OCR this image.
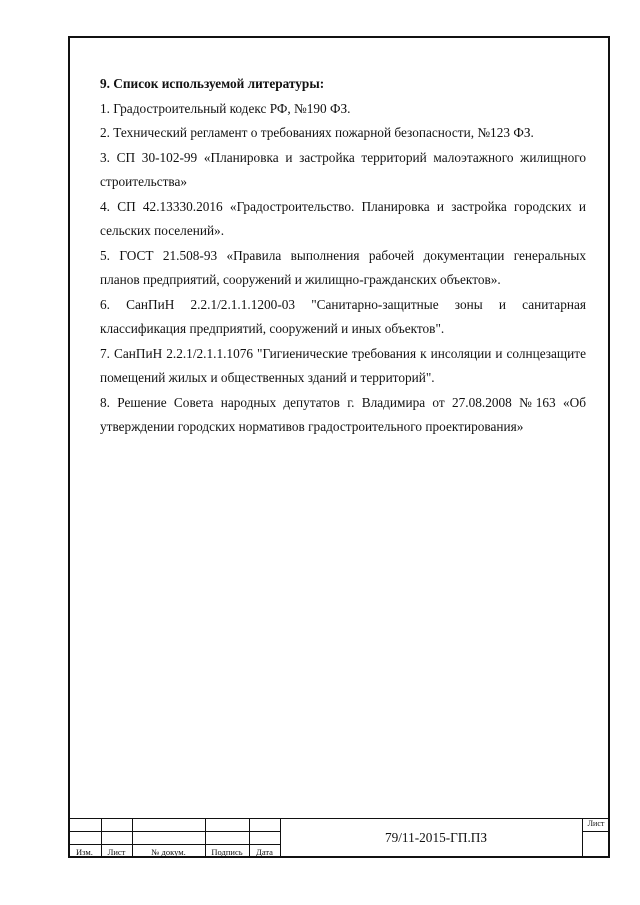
9. Список используемой литературы:

1. Градостроительный кодекс РФ, №190 ФЗ.

2. Технический регламент о требованиях пожарной безопасности, №123 ФЗ.

3. СП 30-102-99 «Планировка и застройка территорий малоэтажного жилищного строительства»

4. СП 42.13330.2016 «Градостроительство. Планировка и застройка городских и сельских поселений».

5. ГОСТ 21.508-93 «Правила выполнения рабочей документации генеральных планов предприятий, сооружений и жилищно-гражданских объектов».

6. СанПиН 2.2.1/2.1.1.1200-03 "Санитарно-защитные зоны и санитарная классификация предприятий, сооружений и иных объектов".

7. СанПиН 2.2.1/2.1.1.1076 "Гигиенические требования к инсоляции и солнцезащите помещений жилых и общественных зданий и территорий".

8. Решение Совета народных депутатов г. Владимира от 27.08.2008 №163 «Об утверждении городских нормативов градостроительного проектирования»

Изм.	Лист	№ докум.	Подпись	Дата
79/11-2015-ГП.ПЗ
Лист
